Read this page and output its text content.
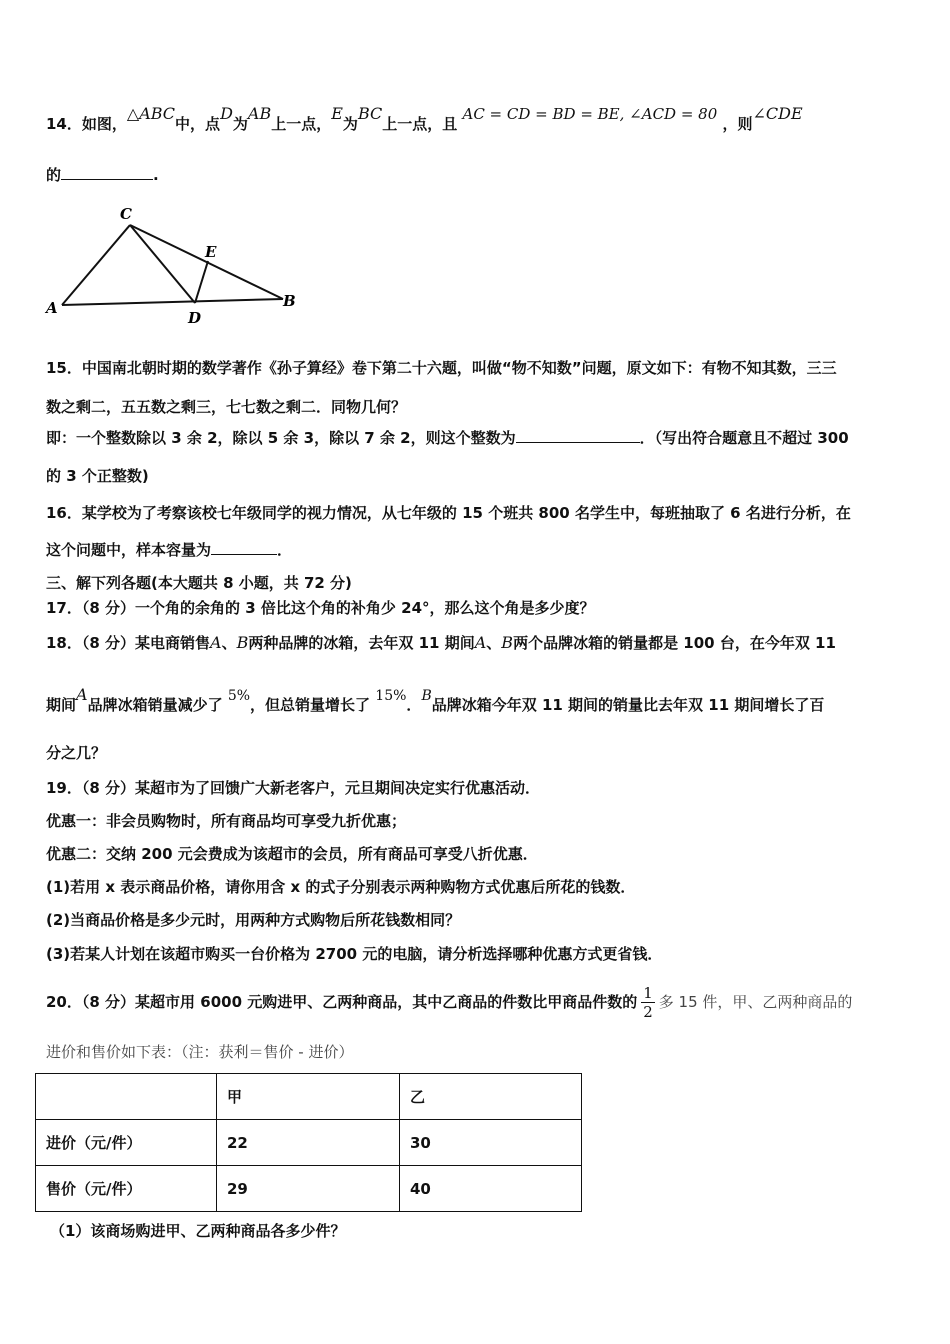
14．如图，△ABC中，点D为AB上一点，E为BC上一点，且 AC = CD = BD = BE, ∠ACD = 80 ，则∠CDE
的	.
C
E
A
D
B
15．中国南北朝时期的数学著作《孙子算经》卷下第二十六题，叫做“物不知数”问题，原文如下：有物不知其数，三三
数之剩二，五五数之剩三，七七数之剩二．同物几何？
即：一个整数除以 3 余 2，除以 5 余 3，除以 7 余 2，则这个整数为	．（写出符合题意且不超过 300
的 3 个正整数)
16．某学校为了考察该校七年级同学的视力情况，从七年级的 15 个班共 800 名学生中，每班抽取了 6 名进行分析，在
这个问题中，样本容量为	．
三、解下列各题(本大题共 8 小题，共 72 分)
17．（8 分）一个角的余角的 3 倍比这个角的补角少 24°，那么这个角是多少度？
18．（8 分）某电商销售A、B两种品牌的冰箱，去年双 11 期间A、B两个品牌冰箱的销量都是 100 台，在今年双 11
期间A品牌冰箱销量减少了 5%，但总销量增长了 15%．B品牌冰箱今年双 11 期间的销量比去年双 11 期间增长了百
分之几？
19．（8 分）某超市为了回馈广大新老客户，元旦期间决定实行优惠活动．
优惠一：非会员购物时，所有商品均可享受九折优惠；
优惠二：交纳 200 元会费成为该超市的会员，所有商品可享受八折优惠．
(1)若用 x 表示商品价格，请你用含 x 的式子分别表示两种购物方式优惠后所花的钱数．
(2)当商品价格是多少元时，用两种方式购物后所花钱数相同？
(3)若某人计划在该超市购买一台价格为 2700 元的电脑，请分析选择哪种优惠方式更省钱．
20．（8 分）某超市用 6000 元购进甲、乙两种商品，其中乙商品的件数比甲商品件数的 $\frac{1}{2}$ 多 15 件，甲、乙两种商品的
进价和售价如下表：（注：获利＝售价 - 进价）
	甲	乙
进价（元/件）	22	30
售价（元/件）	29	40
（1）该商场购进甲、乙两种商品各多少件？
